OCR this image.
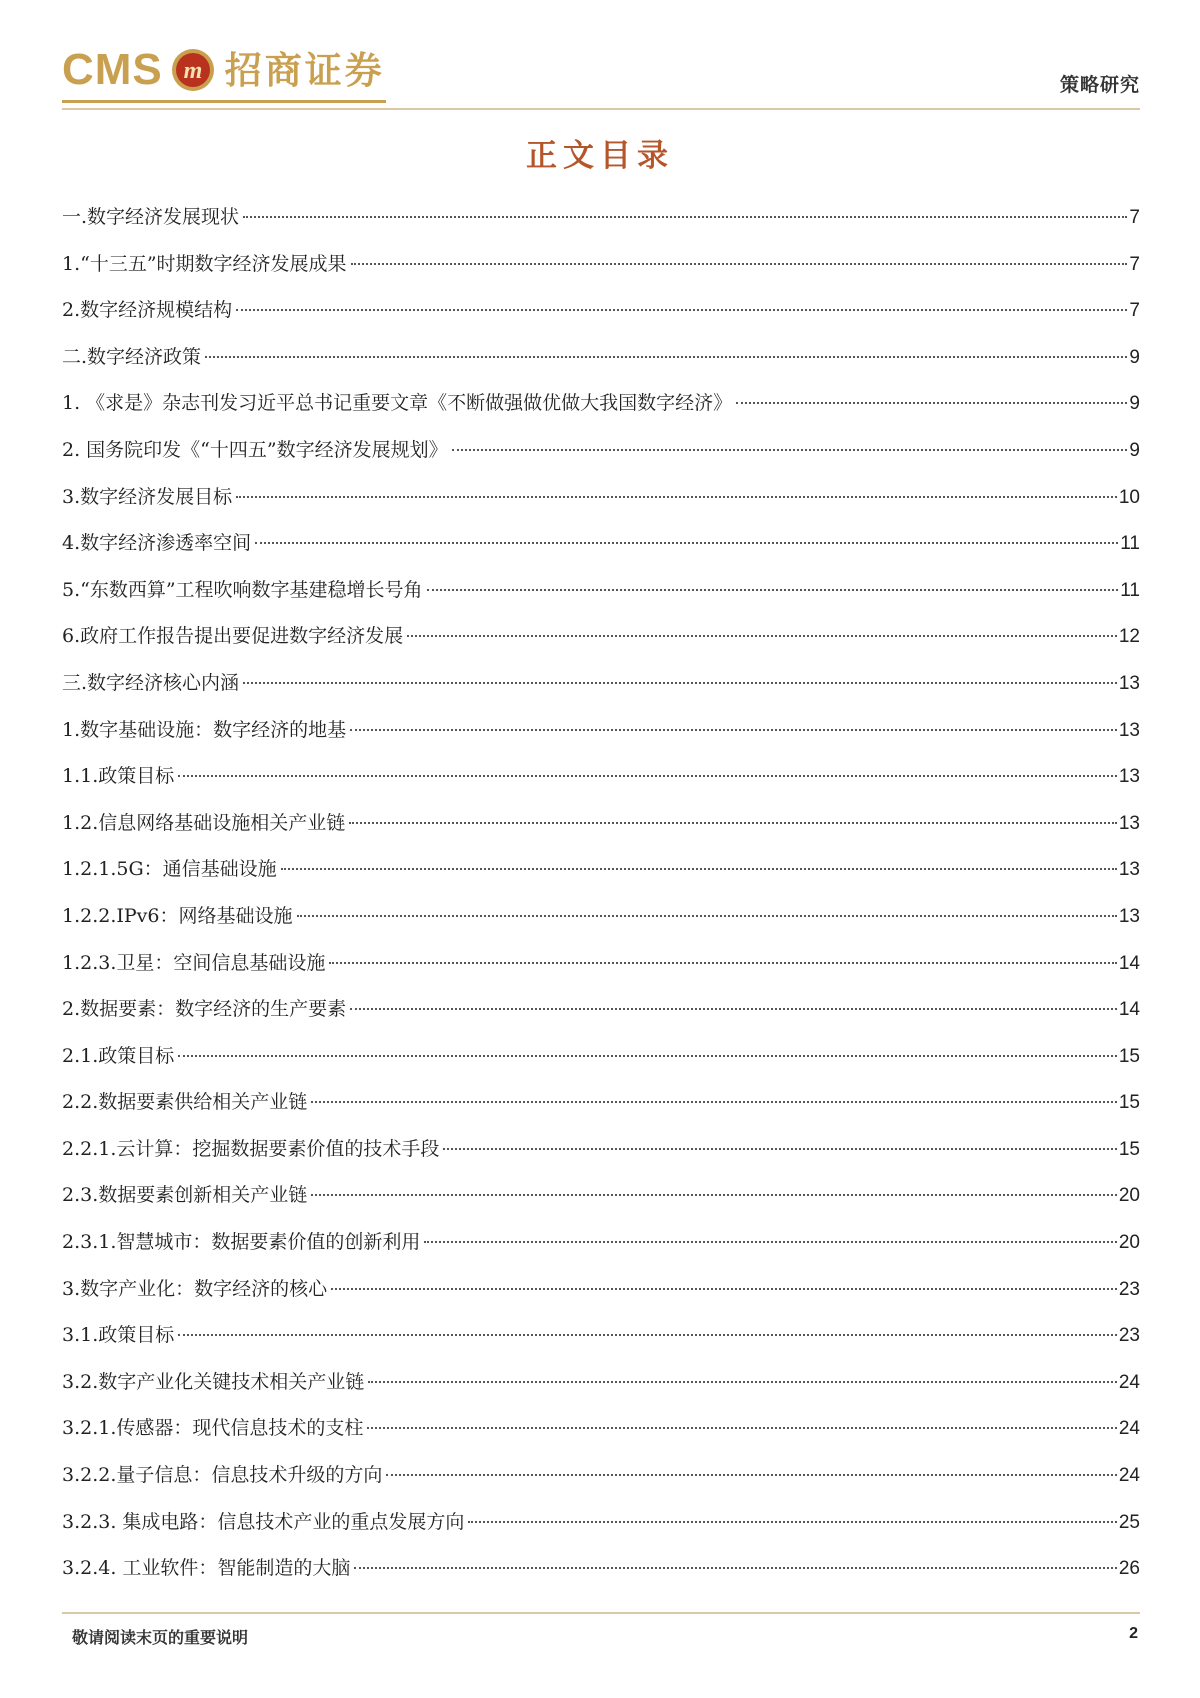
CMS m 招商证券	策略研究
正文目录
一.数字经济发展现状	7
1.“十三五”时期数字经济发展成果	7
2.数字经济规模结构	7
二.数字经济政策	9
1. 《求是》杂志刊发习近平总书记重要文章《不断做强做优做大我国数字经济》	9
2. 国务院印发《“十四五”数字经济发展规划》	9
3.数字经济发展目标	10
4.数字经济渗透率空间	11
5.“东数西算”工程吹响数字基建稳增长号角	11
6.政府工作报告提出要促进数字经济发展	12
三.数字经济核心内涵	13
1.数字基础设施：数字经济的地基	13
1.1.政策目标	13
1.2.信息网络基础设施相关产业链	13
1.2.1.5G：通信基础设施	13
1.2.2.IPv6：网络基础设施	13
1.2.3.卫星：空间信息基础设施	14
2.数据要素：数字经济的生产要素	14
2.1.政策目标	15
2.2.数据要素供给相关产业链	15
2.2.1.云计算：挖掘数据要素价值的技术手段	15
2.3.数据要素创新相关产业链	20
2.3.1.智慧城市：数据要素价值的创新利用	20
3.数字产业化：数字经济的核心	23
3.1.政策目标	23
3.2.数字产业化关键技术相关产业链	24
3.2.1.传感器：现代信息技术的支柱	24
3.2.2.量子信息：信息技术升级的方向	24
3.2.3. 集成电路：信息技术产业的重点发展方向	25
3.2.4. 工业软件：智能制造的大脑	26
敬请阅读末页的重要说明	2
